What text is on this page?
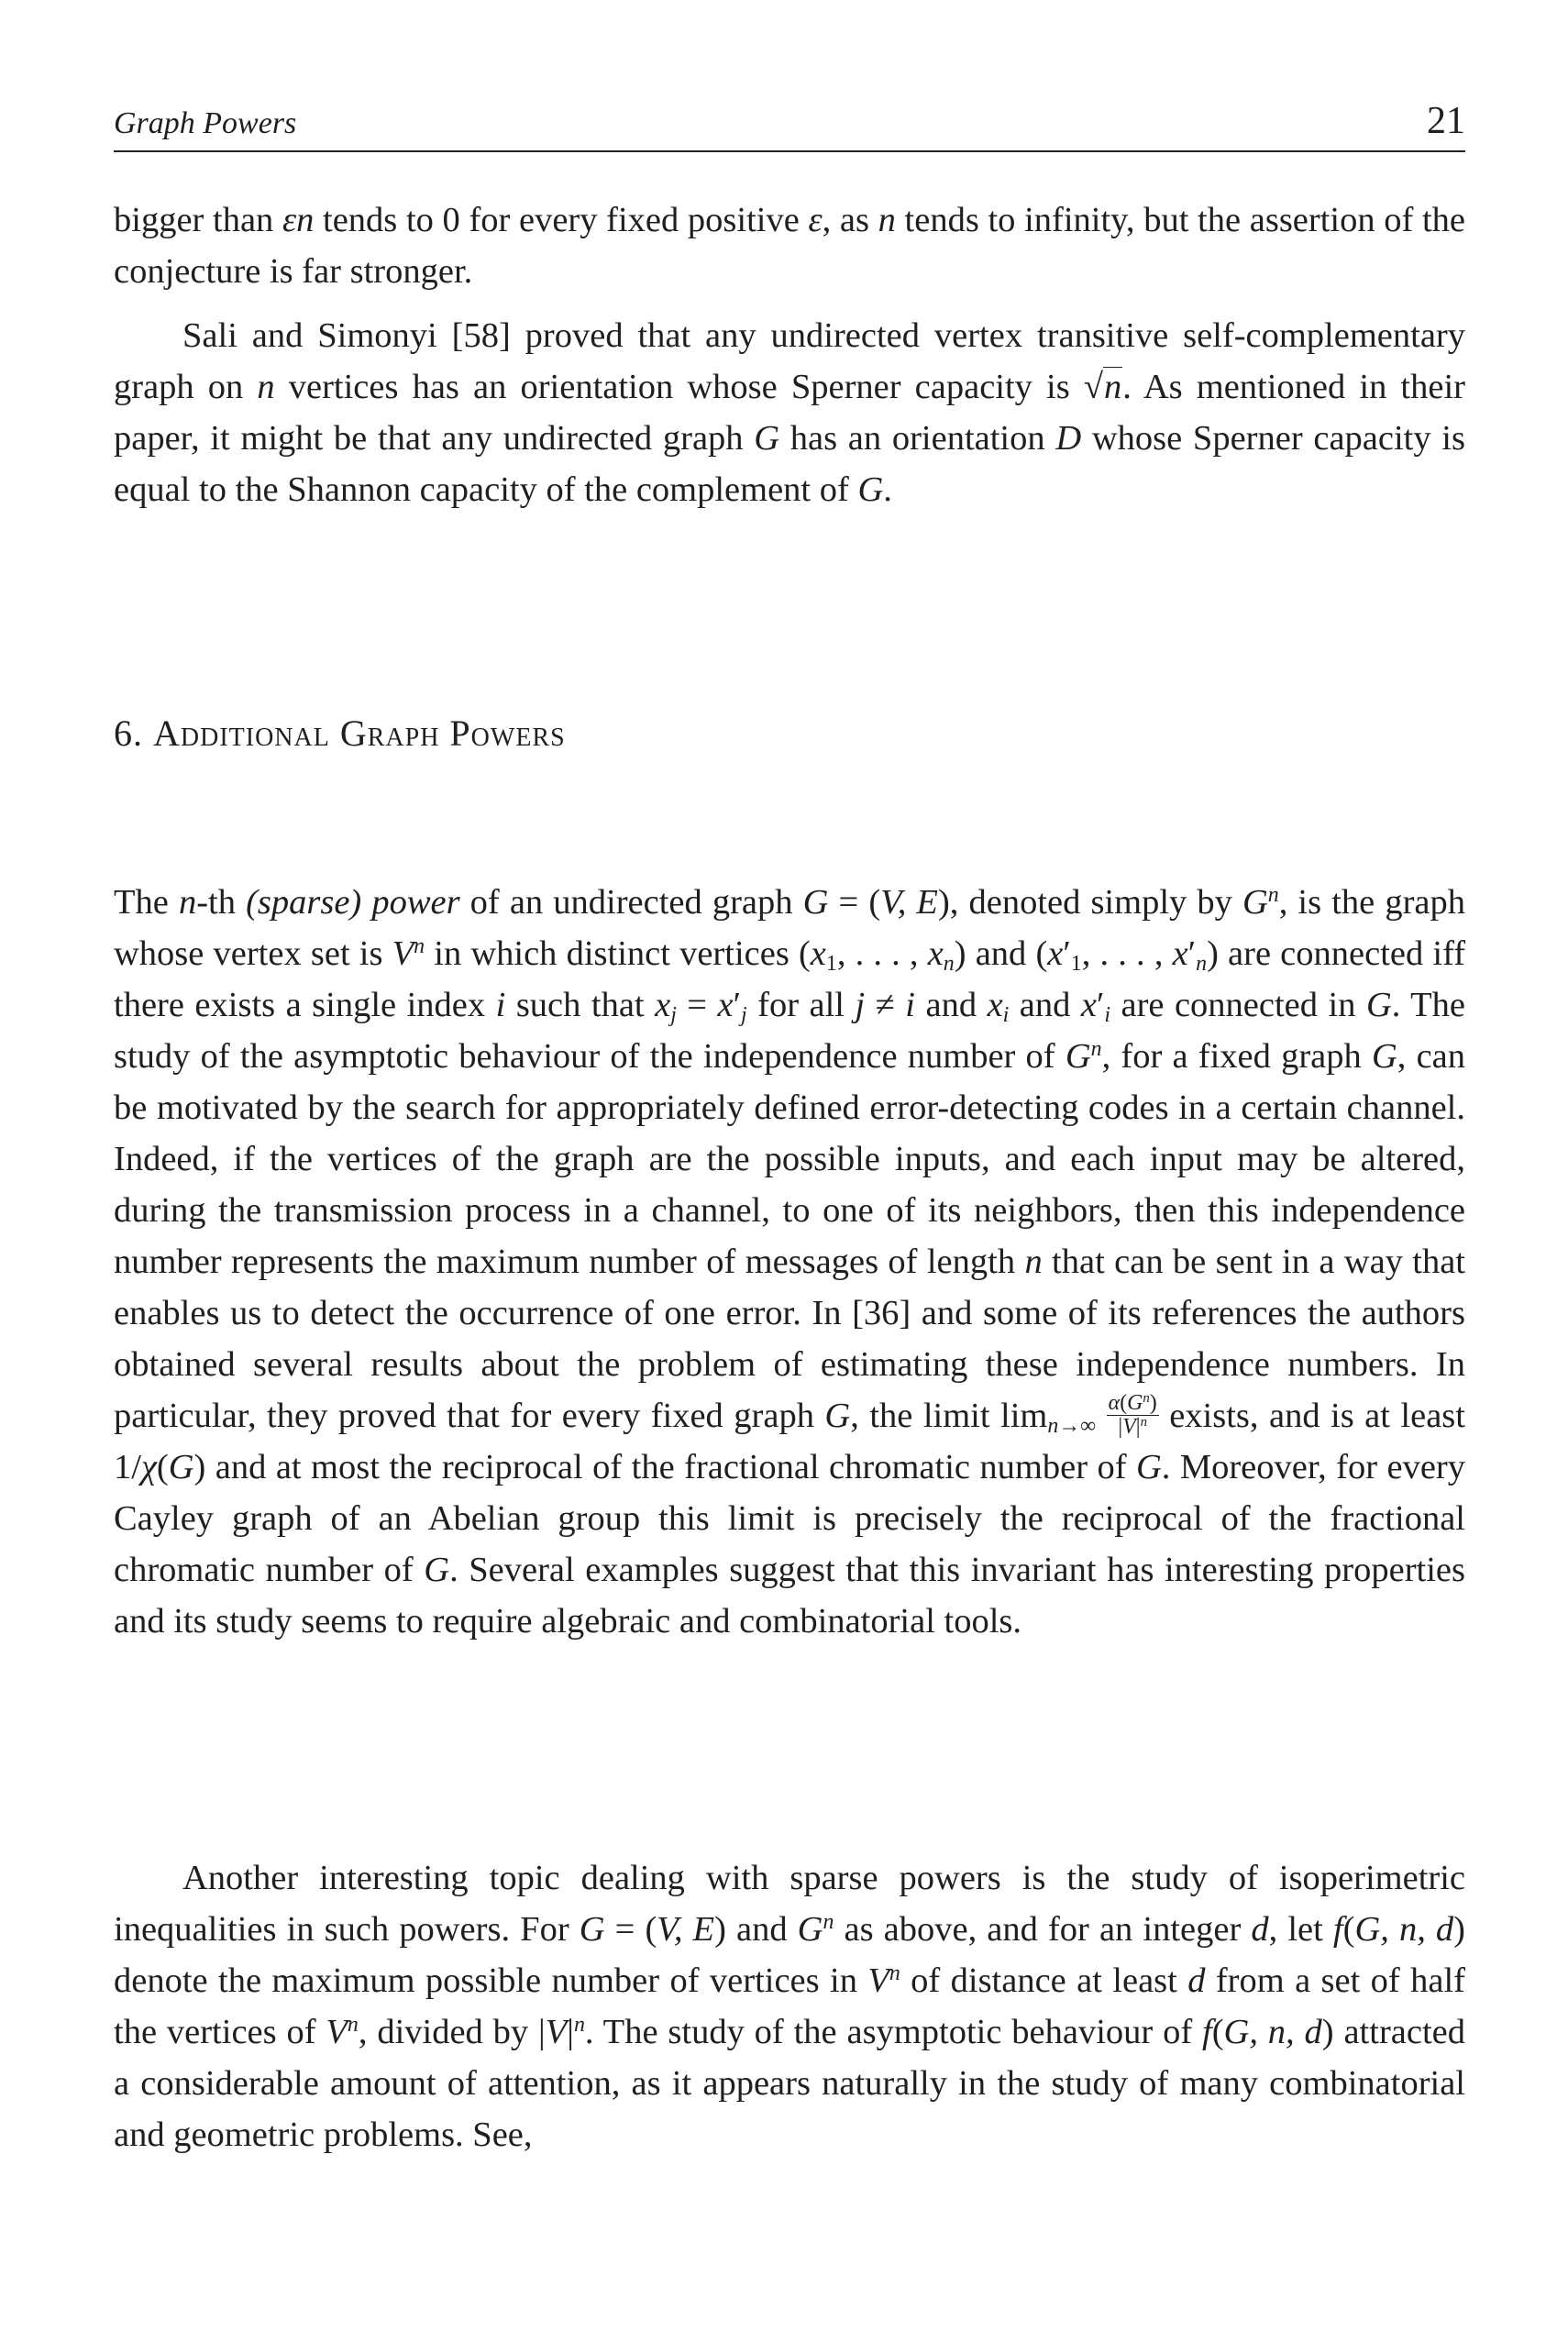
Graph Powers	21

bigger than εn tends to 0 for every fixed positive ε, as n tends to infinity, but the assertion of the conjecture is far stronger.

Sali and Simonyi [58] proved that any undirected vertex transitive self-complementary graph on n vertices has an orientation whose Sperner capacity is √n. As mentioned in their paper, it might be that any undirected graph G has an orientation D whose Sperner capacity is equal to the Shannon capacity of the complement of G.

6. Additional Graph Powers

The n-th (sparse) power of an undirected graph G = (V, E), denoted simply by $G^n$, is the graph whose vertex set is $V^n$ in which distinct vertices ($x_1$, . . . , $x_n$) and ($x'_1$, . . . , $x'_n$) are connected iff there exists a single index i such that $x_j = x'_j$ for all j ≠ i and $x_i$ and $x'_i$ are connected in G. The study of the asymptotic behaviour of the independence number of $G^n$, for a fixed graph G, can be motivated by the search for appropriately defined error-detecting codes in a certain channel. Indeed, if the vertices of the graph are the possible inputs, and each input may be altered, during the transmission process in a channel, to one of its neighbors, then this independence number represents the maximum number of messages of length n that can be sent in a way that enables us to detect the occurrence of one error. In [36] and some of its references the authors obtained several results about the problem of estimating these independence numbers. In particular, they proved that for every fixed graph G, the limit $\lim_{n\to\infty} \frac{\alpha(G^n)}{|V|^n}$ exists, and is at least 1/χ(G) and at most the reciprocal of the fractional chromatic number of G. Moreover, for every Cayley graph of an Abelian group this limit is precisely the reciprocal of the fractional chromatic number of G. Several examples suggest that this invariant has interesting properties and its study seems to require algebraic and combinatorial tools.

Another interesting topic dealing with sparse powers is the study of isoperimetric inequalities in such powers. For G = (V, E) and $G^n$ as above, and for an integer d, let f(G, n, d) denote the maximum possible number of vertices in $V^n$ of distance at least d from a set of half the vertices of $V^n$, divided by $|V|^n$. The study of the asymptotic behaviour of f(G, n, d) attracted a considerable amount of attention, as it appears naturally in the study of many combinatorial and geometric problems. See,
